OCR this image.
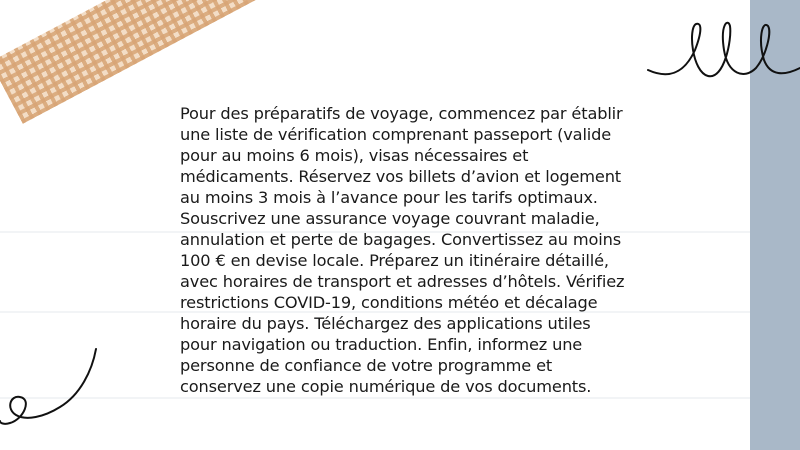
Pour des préparatifs de voyage, commencez par établir une liste de vérification comprenant passeport (valide pour au moins 6 mois), visas nécessaires et médicaments. Réservez vos billets d’avion et logement au moins 3 mois à l’avance pour les tarifs optimaux. Souscrivez une assurance voyage couvrant maladie, annulation et perte de bagages. Convertissez au moins 100 € en devise locale. Préparez un itinéraire détaillé, avec horaires de transport et adresses d’hôtels. Vérifiez restrictions COVID-19, conditions météo et décalage horaire du pays. Téléchargez des applications utiles pour navigation ou traduction. Enfin, informez une personne de confiance de votre programme et conservez une copie numérique de vos documents.
